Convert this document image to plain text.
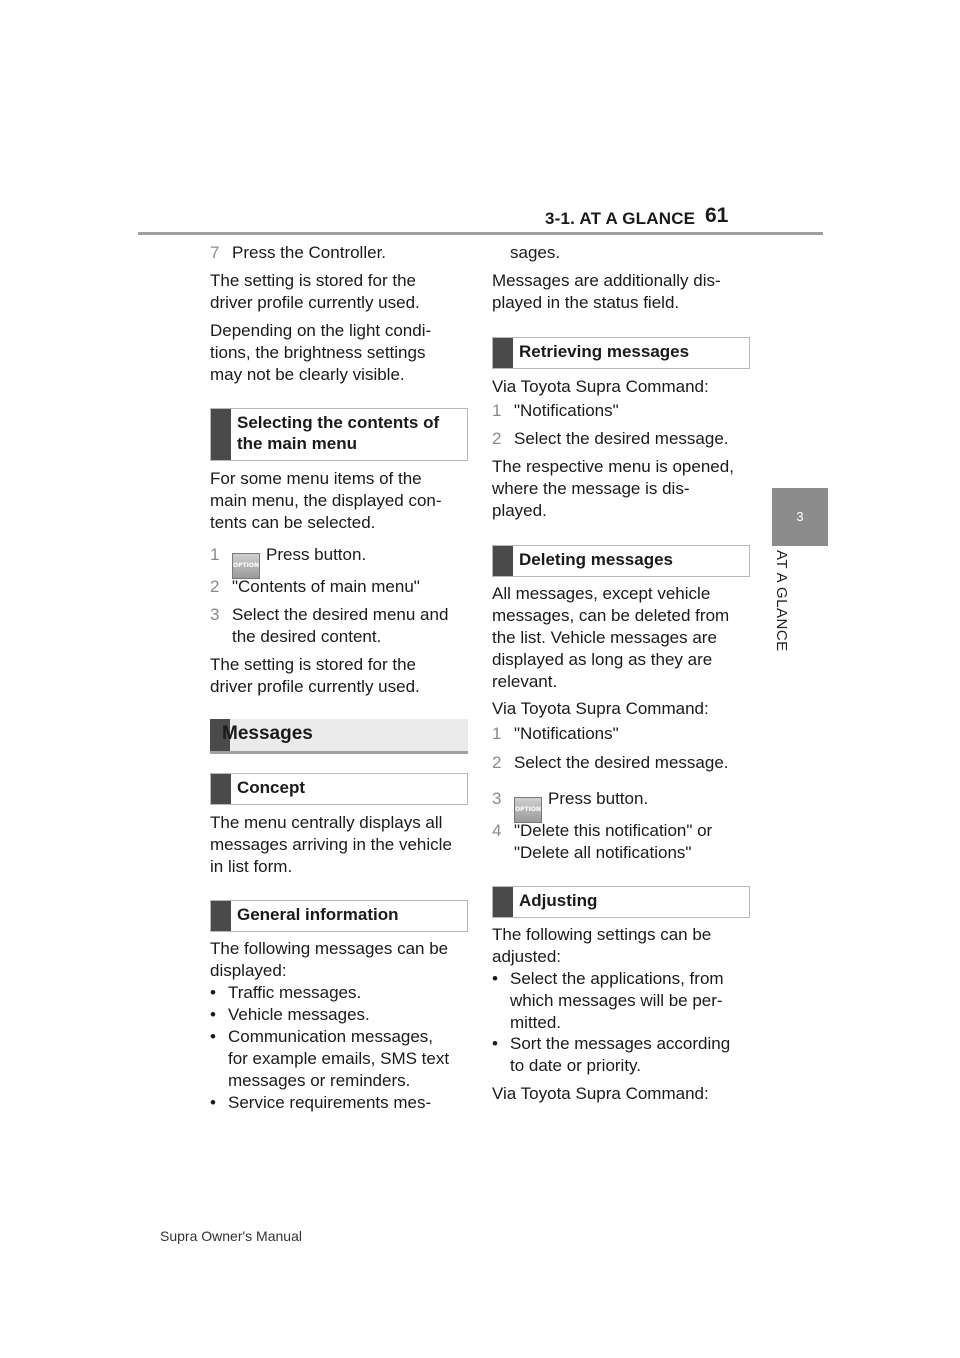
3-1. AT A GLANCE 61
3
AT A GLANCE

7 Press the Controller.

The setting is stored for the
driver profile currently used.

Depending on the light condi-
tions, the brightness settings
may not be clearly visible.

Selecting the contents of
the main menu

For some menu items of the
main menu, the displayed con-
tents can be selected.

1OPTIONPress button.

2 "Contents of main menu"

3 Select the desired menu and
the desired content.

The setting is stored for the
driver profile currently used.

Messages
Concept

The menu centrally displays all
messages arriving in the vehicle
in list form.

General information

The following messages can be
displayed:

• Traffic messages.

• Vehicle messages.

• Communication messages,
for example emails, SMS text
messages or reminders.

• Service requirements mes-

sages.

Messages are additionally dis-
played in the status field.

Retrieving messages

Via Toyota Supra Command:

1 "Notifications"

2 Select the desired message.

The respective menu is opened,
where the message is dis-
played.

Deleting messages

All messages, except vehicle
messages, can be deleted from
the list. Vehicle messages are
displayed as long as they are
relevant.

Via Toyota Supra Command:

1 "Notifications"

2 Select the desired message.

3OPTIONPress button.

4 "Delete this notification" or
"Delete all notifications"

Adjusting

The following settings can be
adjusted:

• Select the applications, from
which messages will be per-
mitted.

• Sort the messages according
to date or priority.

Via Toyota Supra Command:

Supra Owner's Manual
